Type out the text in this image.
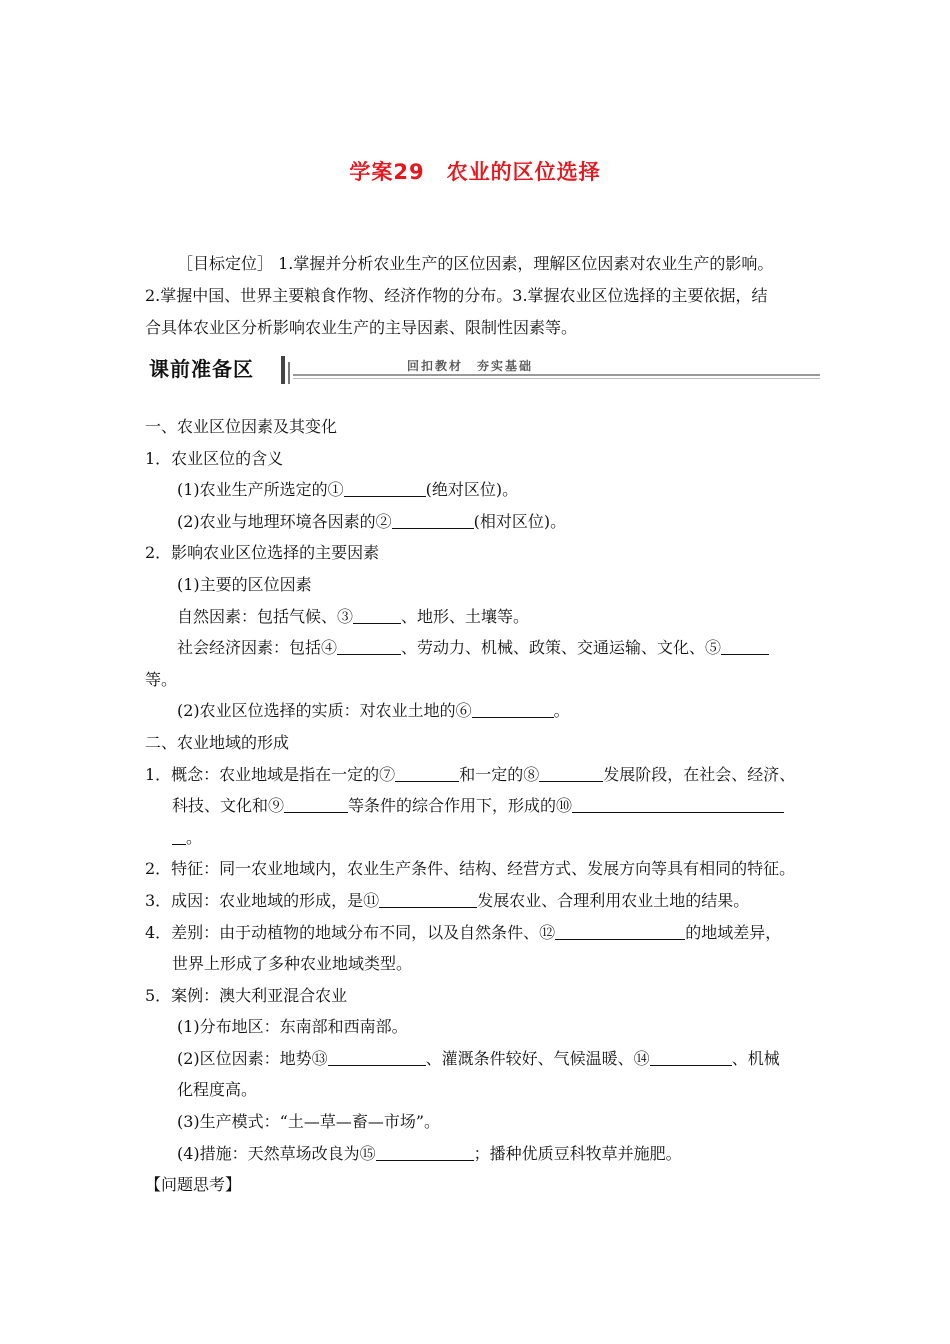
学案29　农业的区位选择
［目标定位］ 1.掌握并分析农业生产的区位因素，理解区位因素对农业生产的影响。
2.掌握中国、世界主要粮食作物、经济作物的分布。3.掌握农业区位选择的主要依据，结
合具体农业区分析影响农业生产的主导因素、限制性因素等。
课前准备区	回扣教材　夯实基础
一、农业区位因素及其变化
1．农业区位的含义
(1)农业生产所选定的①	(绝对区位)。
(2)农业与地理环境各因素的②	(相对区位)。
2．影响农业区位选择的主要因素
(1)主要的区位因素
自然因素：包括气候、③	、地形、土壤等。
社会经济因素：包括④	、劳动力、机械、政策、交通运输、文化、⑤
等。
(2)农业区位选择的实质：对农业土地的⑥	。
二、农业地域的形成
1．概念：农业地域是指在一定的⑦	和一定的⑧	发展阶段，在社会、经济、
科技、文化和⑨	等条件的综合作用下，形成的⑩
。
2．特征：同一农业地域内，农业生产条件、结构、经营方式、发展方向等具有相同的特征。
3．成因：农业地域的形成，是⑪	发展农业、合理利用农业土地的结果。
4．差别：由于动植物的地域分布不同，以及自然条件、⑫	的地域差异，
世界上形成了多种农业地域类型。
5．案例：澳大利亚混合农业
(1)分布地区：东南部和西南部。
(2)区位因素：地势⑬	、灌溉条件较好、气候温暖、⑭	、机械
化程度高。
(3)生产模式：“土—草—畜—市场”。
(4)措施：天然草场改良为⑮	；播种优质豆科牧草并施肥。
【问题思考】
